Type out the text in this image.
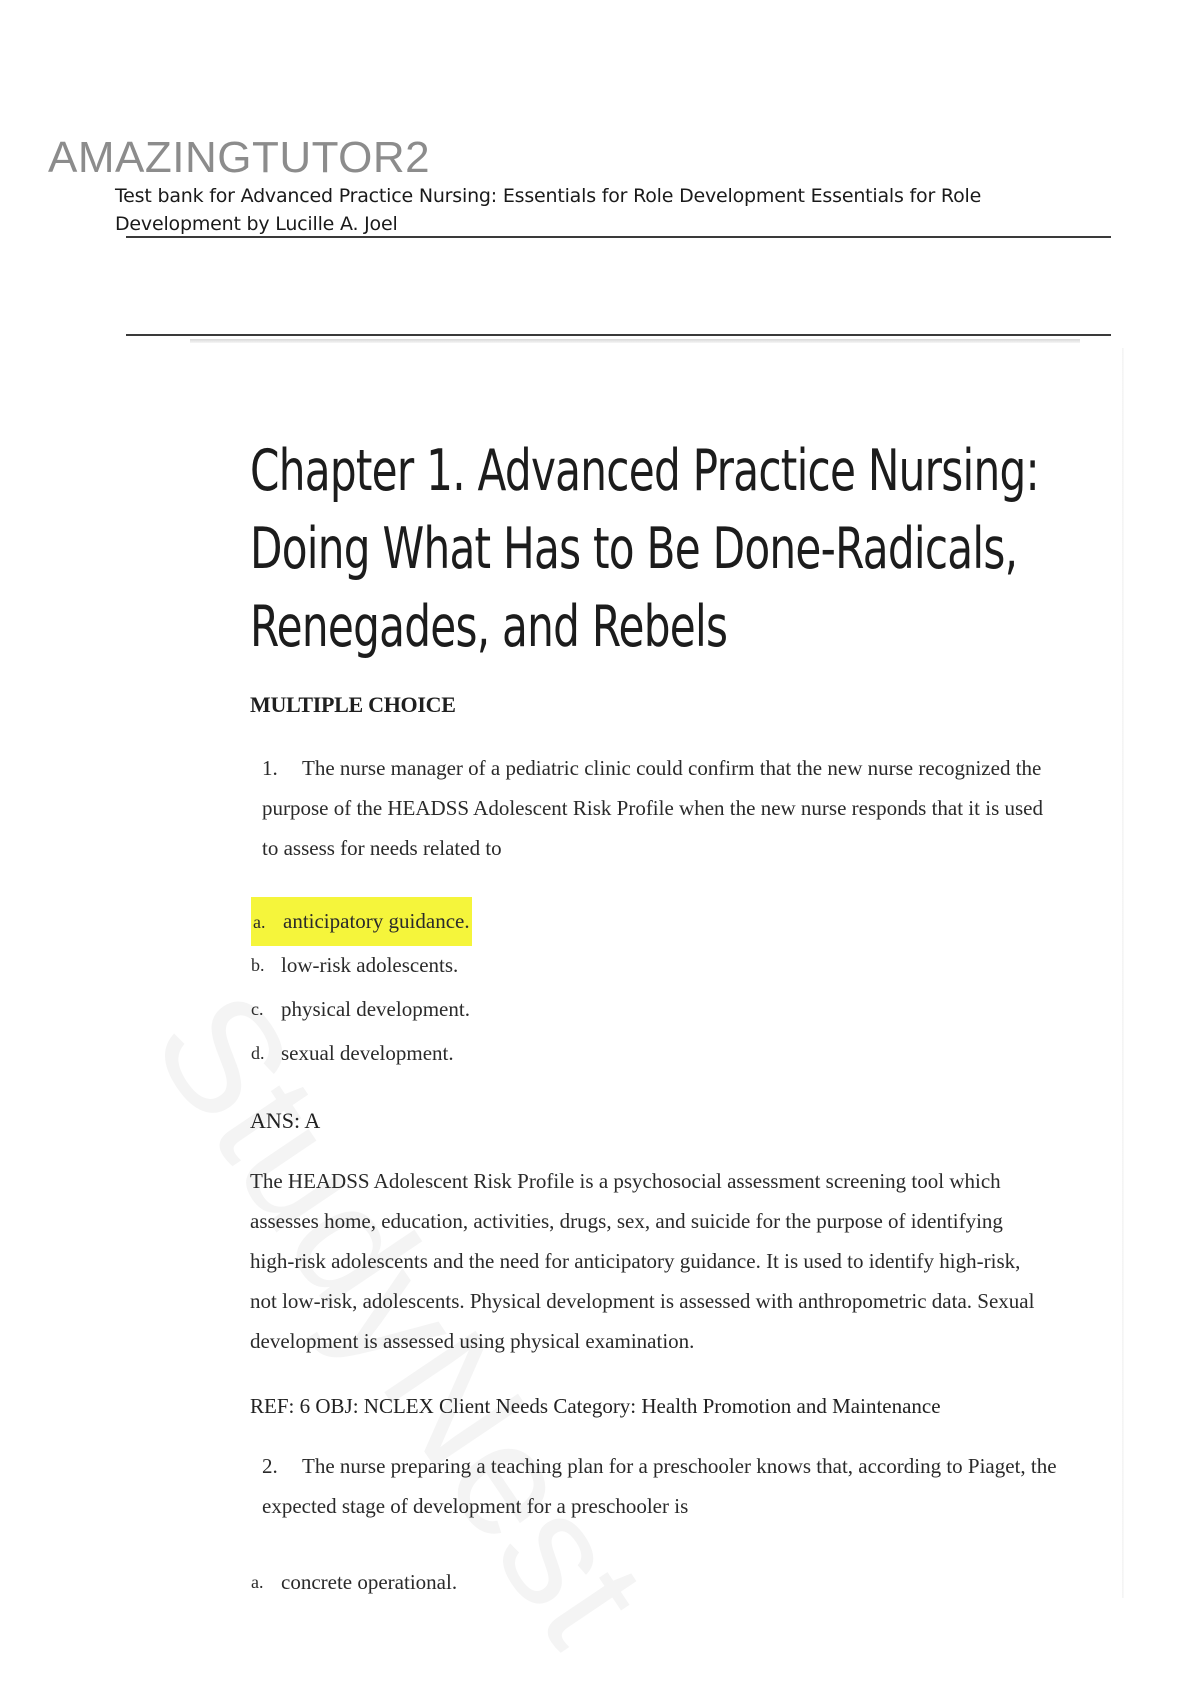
AMAZINGTUTOR2
Test bank for Advanced Practice Nursing: Essentials for Role Development Essentials for Role Development by Lucille A. Joel
Chapter 1. Advanced Practice Nursing: Doing What Has to Be Done-Radicals, Renegades, and Rebels
MULTIPLE CHOICE
1. The nurse manager of a pediatric clinic could confirm that the new nurse recognized the purpose of the HEADSS Adolescent Risk Profile when the new nurse responds that it is used to assess for needs related to
a. anticipatory guidance.
b. low-risk adolescents.
c. physical development.
d. sexual development.
ANS: A
The HEADSS Adolescent Risk Profile is a psychosocial assessment screening tool which assesses home, education, activities, drugs, sex, and suicide for the purpose of identifying high-risk adolescents and the need for anticipatory guidance. It is used to identify high-risk, not low-risk, adolescents. Physical development is assessed with anthropometric data. Sexual development is assessed using physical examination.
REF: 6 OBJ: NCLEX Client Needs Category: Health Promotion and Maintenance
2. The nurse preparing a teaching plan for a preschooler knows that, according to Piaget, the expected stage of development for a preschooler is
a. concrete operational.
